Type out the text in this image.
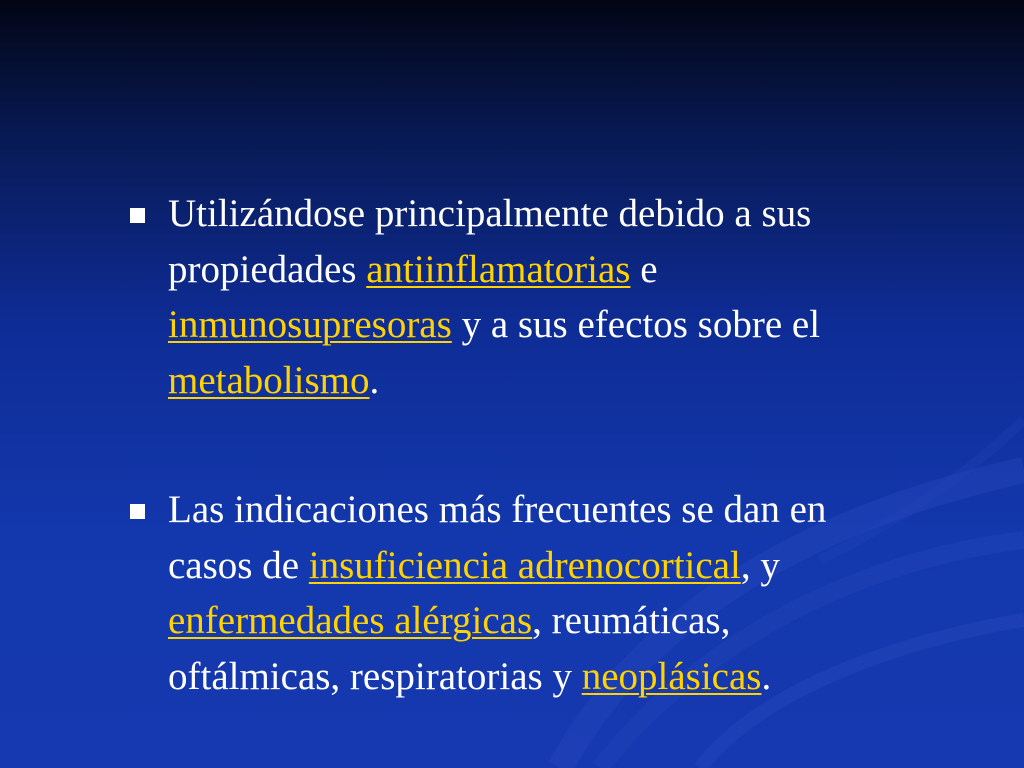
Utilizándose principalmente debido a sus propiedades antiinflamatorias e inmunosupresoras y a sus efectos sobre el metabolismo.
Las indicaciones más frecuentes se dan en casos de insuficiencia adrenocortical, y enfermedades alérgicas, reumáticas, oftálmicas, respiratorias y neoplásicas.
